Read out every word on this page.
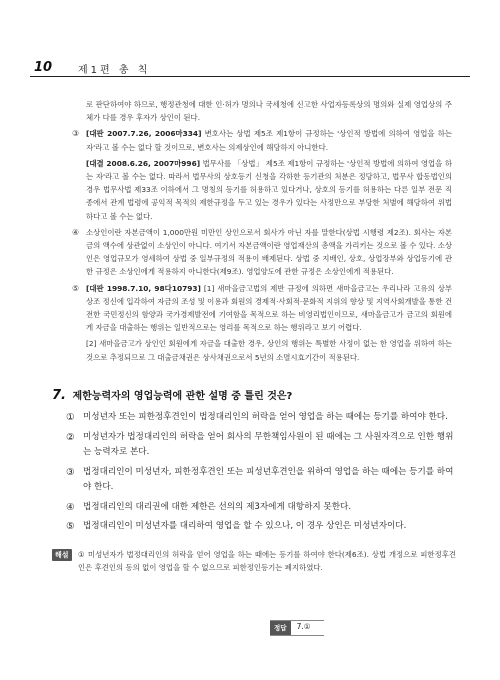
10	제1편 총 칙

로 판단하여야 하므로, 행정관청에 대한 인·허가 명의나 국세청에 신고한 사업자등록상의 명의와 실제 영업상의 주체가 다를 경우 후자가 상인이 된다.

③ [대판 2007.7.26, 2006마334] 변호사는 상법 제5조 제1항이 규정하는 '상인적 방법에 의하여 영업을 하는 자'라고 볼 수는 없다 할 것이므로, 변호사는 의제상인에 해당하지 아니한다.
[대결 2008.6.26, 2007마996] 법무사를 「상법」 제5조 제1항이 규정하는 '상인적 방법에 의하여 영업을 하는 자'라고 볼 수는 없다. 따라서 법무사의 상호등기 신청을 각하한 등기관의 처분은 정당하고, 법무사 합동법인의 경우 법무사법 제33조 이하에서 그 명칭의 등기를 허용하고 있다거나, 상호의 등기를 허용하는 다른 일부 전문 직종에서 관계 법령에 공익적 목적의 제한규정을 두고 있는 경우가 있다는 사정만으로 부당한 처별에 해당하여 위법하다고 볼 수는 없다.
④ 소상인이란 자본금액이 1,000만원 미만인 상인으로서 회사가 아닌 자를 말한다(상법 시행령 제2조). 회사는 자본금의 액수에 상관없이 소상인이 아니다. 여기서 자본금액이란 영업재산의 총액을 가리키는 것으로 볼 수 있다. 소상인은 영업규모가 영세하여 상법 중 일부규정의 적용이 배제된다. 상법 중 지배인, 상호, 상업장부와 상업등기에 관한 규정은 소상인에게 적용하지 아니한다(제9조). 영업양도에 관한 규정은 소상인에게 적용된다.
⑤ [대판 1998.7.10, 98다10793] [1] 새마을금고법의 제반 규정에 의하면 새마을금고는 우리나라 고유의 상부상조 정신에 입각하여 자금의 조성 및 이용과 회원의 경제적·사회적·문화적 지위의 향상 및 지역사회개발을 통한 건전한 국민정신의 함양과 국가경제발전에 기여함을 목적으로 하는 비영리법인이므로, 새마을금고가 금고의 회원에게 자금을 대출하는 행위는 일반적으로는 영리를 목적으로 하는 행위라고 보기 어렵다.
[2] 새마을금고가 상인인 회원에게 자금을 대출한 경우, 상인의 행위는 특별한 사정이 없는 한 영업을 위하여 하는 것으로 추정되므로 그 대출금채권은 상사채권으로서 5년의 소멸시효기간이 적용된다.
7. 제한능력자의 영업능력에 관한 설명 중 틀린 것은?
① 미성년자 또는 피한정후견인이 법정대리인의 허락을 얻어 영업을 하는 때에는 등기를 하여야 한다.
② 미성년자가 법정대리인의 허락을 얻어 회사의 무한책임사원이 된 때에는 그 사원자격으로 인한 행위는 능력자로 본다.
③ 법정대리인이 미성년자, 피한정후견인 또는 피성년후견인을 위하여 영업을 하는 때에는 등기를 하여야 한다.
④ 법정대리인의 대리권에 대한 제한은 선의의 제3자에게 대항하지 못한다.
⑤ 법정대리인이 미성년자를 대리하여 영업을 할 수 있으나, 이 경우 상인은 미성년자이다.
해설	① 미성년자가 법정대리인의 허락을 얻어 영업을 하는 때에는 등기를 하여야 한다(제6조). 상법 개정으로 피한정후견인은 후견인의 동의 없이 영업을 할 수 없으므로 피한정인등기는 폐지하였다.
정답	7.①
